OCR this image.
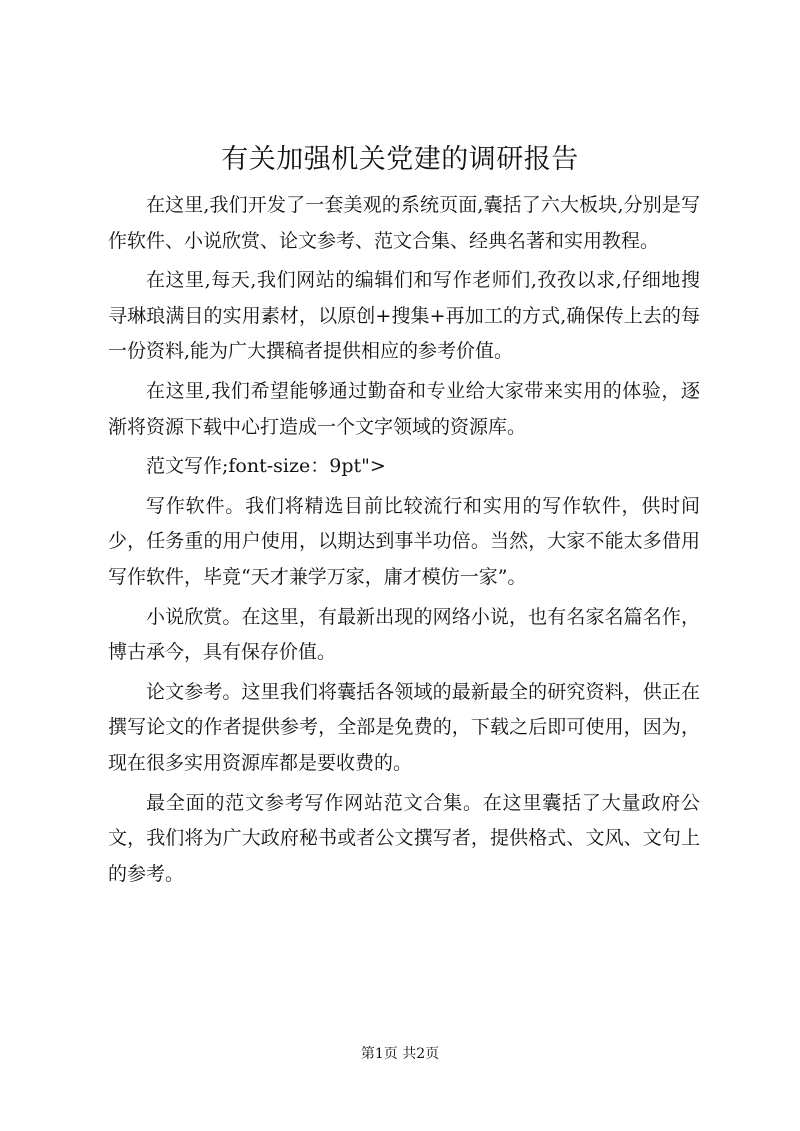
有关加强机关党建的调研报告

在这里,我们开发了一套美观的系统页面,囊括了六大板块,分别是写作软件、小说欣赏、论文参考、范文合集、经典名著和实用教程。

在这里,每天,我们网站的编辑们和写作老师们,孜孜以求,仔细地搜寻琳琅满目的实用素材，以原创+搜集+再加工的方式,确保传上去的每一份资料,能为广大撰稿者提供相应的参考价值。

在这里,我们希望能够通过勤奋和专业给大家带来实用的体验，逐渐将资源下载中心打造成一个文字领域的资源库。

范文写作;font-size：9pt">

写作软件。我们将精选目前比较流行和实用的写作软件，供时间少，任务重的用户使用，以期达到事半功倍。当然，大家不能太多借用写作软件，毕竟“天才兼学万家，庸才模仿一家”。

小说欣赏。在这里，有最新出现的网络小说，也有名家名篇名作，博古承今，具有保存价值。

论文参考。这里我们将囊括各领域的最新最全的研究资料，供正在撰写论文的作者提供参考，全部是免费的，下载之后即可使用，因为，现在很多实用资源库都是要收费的。

最全面的范文参考写作网站范文合集。在这里囊括了大量政府公文，我们将为广大政府秘书或者公文撰写者，提供格式、文风、文句上的参考。

第1页 共2页
